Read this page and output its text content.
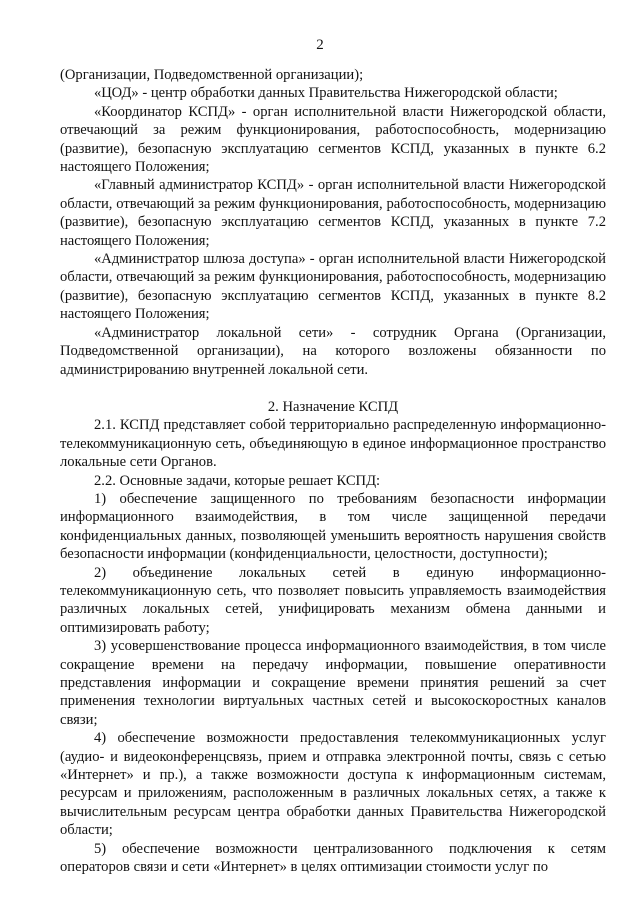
2

(Организации, Подведомственной организации);

«ЦОД» - центр обработки данных Правительства Нижегородской области;

«Координатор КСПД» - орган исполнительной власти Нижегородской области, отвечающий за режим функционирования, работоспособность, модернизацию (развитие), безопасную эксплуатацию сегментов КСПД, указанных в пункте 6.2 настоящего Положения;

«Главный администратор КСПД» - орган исполнительной власти Нижегородской области, отвечающий за режим функционирования, работоспособность, модернизацию (развитие), безопасную эксплуатацию сегментов КСПД, указанных в пункте 7.2 настоящего Положения;

«Администратор шлюза доступа» - орган исполнительной власти Нижегородской области, отвечающий за режим функционирования, работоспособность, модернизацию (развитие), безопасную эксплуатацию сегментов КСПД, указанных в пункте 8.2 настоящего Положения;

«Администратор локальной сети» - сотрудник Органа (Организации, Подведомственной организации), на которого возложены обязанности по администрированию внутренней локальной сети.

2. Назначение КСПД

2.1. КСПД представляет собой территориально распределенную информационно-телекоммуникационную сеть, объединяющую в единое информационное пространство локальные сети Органов.

2.2. Основные задачи, которые решает КСПД:

1) обеспечение защищенного по требованиям безопасности информации информационного взаимодействия, в том числе защищенной передачи конфиденциальных данных, позволяющей уменьшить вероятность нарушения свойств безопасности информации (конфиденциальности, целостности, доступности);

2) объединение локальных сетей в единую информационно-телекоммуникационную сеть, что позволяет повысить управляемость взаимодействия различных локальных сетей, унифицировать механизм обмена данными и оптимизировать работу;

3) усовершенствование процесса информационного взаимодействия, в том числе сокращение времени на передачу информации, повышение оперативности представления информации и сокращение времени принятия решений за счет применения технологии виртуальных частных сетей и высокоскоростных каналов связи;

4) обеспечение возможности предоставления телекоммуникационных услуг (аудио- и видеоконференцсвязь, прием и отправка электронной почты, связь с сетью «Интернет» и пр.), а также возможности доступа к информационным системам, ресурсам и приложениям, расположенным в различных локальных сетях, а также к вычислительным ресурсам центра обработки данных Правительства Нижегородской области;

5) обеспечение возможности централизованного подключения к сетям операторов связи и сети «Интернет» в целях оптимизации стоимости услуг по
